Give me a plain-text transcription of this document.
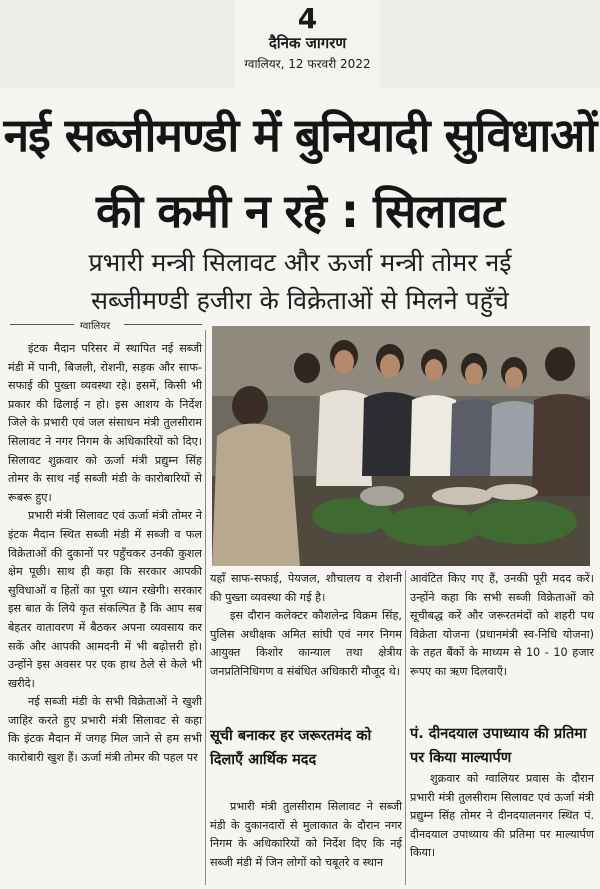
4
दैनिक जागरण
ग्वालियर, 12 फरवरी 2022
नई सब्जीमण्डी में बुनियादी सुविधाओं
की कमी न रहे : सिलावट
प्रभारी मन्त्री सिलावट और ऊर्जा मन्त्री तोमर नई
सब्जीमण्डी हजीरा के विक्रेताओं से मिलने पहुँचे
ग्वालियर

इंटक मैदान परिसर में स्थापित नई सब्जी मंडी में पानी, बिजली, रोशनी, सड़क और साफ-सफाई की पुख्ता व्यवस्था रहे। इसमें, किसी भी प्रकार की ढिलाई न हो। इस आशय के निर्देश जिले के प्रभारी एवं जल संसाधन मंत्री तुलसीराम सिलावट ने नगर निगम के अधिकारियों को दिए। सिलावट शुक्रवार को ऊर्जा मंत्री प्रद्युम्न सिंह तोमर के साथ नई सब्जी मंडी के कारोबारियों से रूबरू हुए।

प्रभारी मंत्री सिलावट एवं ऊर्जा मंत्री तोमर ने इंटक मैदान स्थित सब्जी मंडी में सब्जी व फल विक्रेताओं की दुकानों पर पहुँचकर उनकी कुशल क्षेम पूछी। साथ ही कहा कि सरकार आपकी सुविधाओं व हितों का पूरा ध्यान रखेगी। सरकार इस बात के लिये कृत संकल्पित है कि आप सब बेहतर वातावरण में बैठकर अपना व्यवसाय कर सकें और आपकी आमदनी में भी बढ़ोत्तरी हो। उन्होंने इस अवसर पर एक हाथ ठेले से केले भी खरीदे।

नई सब्जी मंडी के सभी विक्रेताओं ने खुशी जाहिर करते हुए प्रभारी मंत्री सिलावट से कहा कि इंटक मैदान में जगह मिल जाने से हम सभी कारोबारी खुश हैं। ऊर्जा मंत्री तोमर की पहल पर

यहाँ साफ-सफाई, पेयजल, शौचालय व रोशनी की पुख्ता व्यवस्था की गई है।

इस दौरान कलेक्टर कौशलेन्द्र विक्रम सिंह, पुलिस अधीक्षक अमित सांघी एवं नगर निगम आयुक्त किशोर कान्याल तथा क्षेत्रीय जनप्रतिनिधिगण व संबंधित अधिकारी मौजूद थे।

सूची बनाकर हर जरूरतमंद को दिलाएँ आर्थिक मदद

प्रभारी मंत्री तुलसीराम सिलावट ने सब्जी मंडी के दुकानदारों से मुलाकात के दौरान नगर निगम के अधिकारियों को निर्देश दिए कि नई सब्जी मंडी में जिन लोगों को चबूतरे व स्थान

आवंटित किए गए हैं, उनकी पूरी मदद करें। उन्होंने कहा कि सभी सब्जी विक्रेताओं को सूचीबद्ध करें और जरूरतमंदों को शहरी पथ विक्रेता योजना (प्रधानमंत्री स्व-निधि योजना) के तहत बैंकों के माध्यम से 10 - 10 हजार रूपए का ऋण दिलवाएँ।

पं. दीनदयाल उपाध्याय की प्रतिमा पर किया माल्यार्पण

शुक्रवार को ग्वालियर प्रवास के दौरान प्रभारी मंत्री तुलसीराम सिलावट एवं ऊर्जा मंत्री प्रद्युम्न सिंह तोमर ने दीनदयालनगर स्थित पं. दीनदयाल उपाध्याय की प्रतिमा पर माल्यार्पण किया।
